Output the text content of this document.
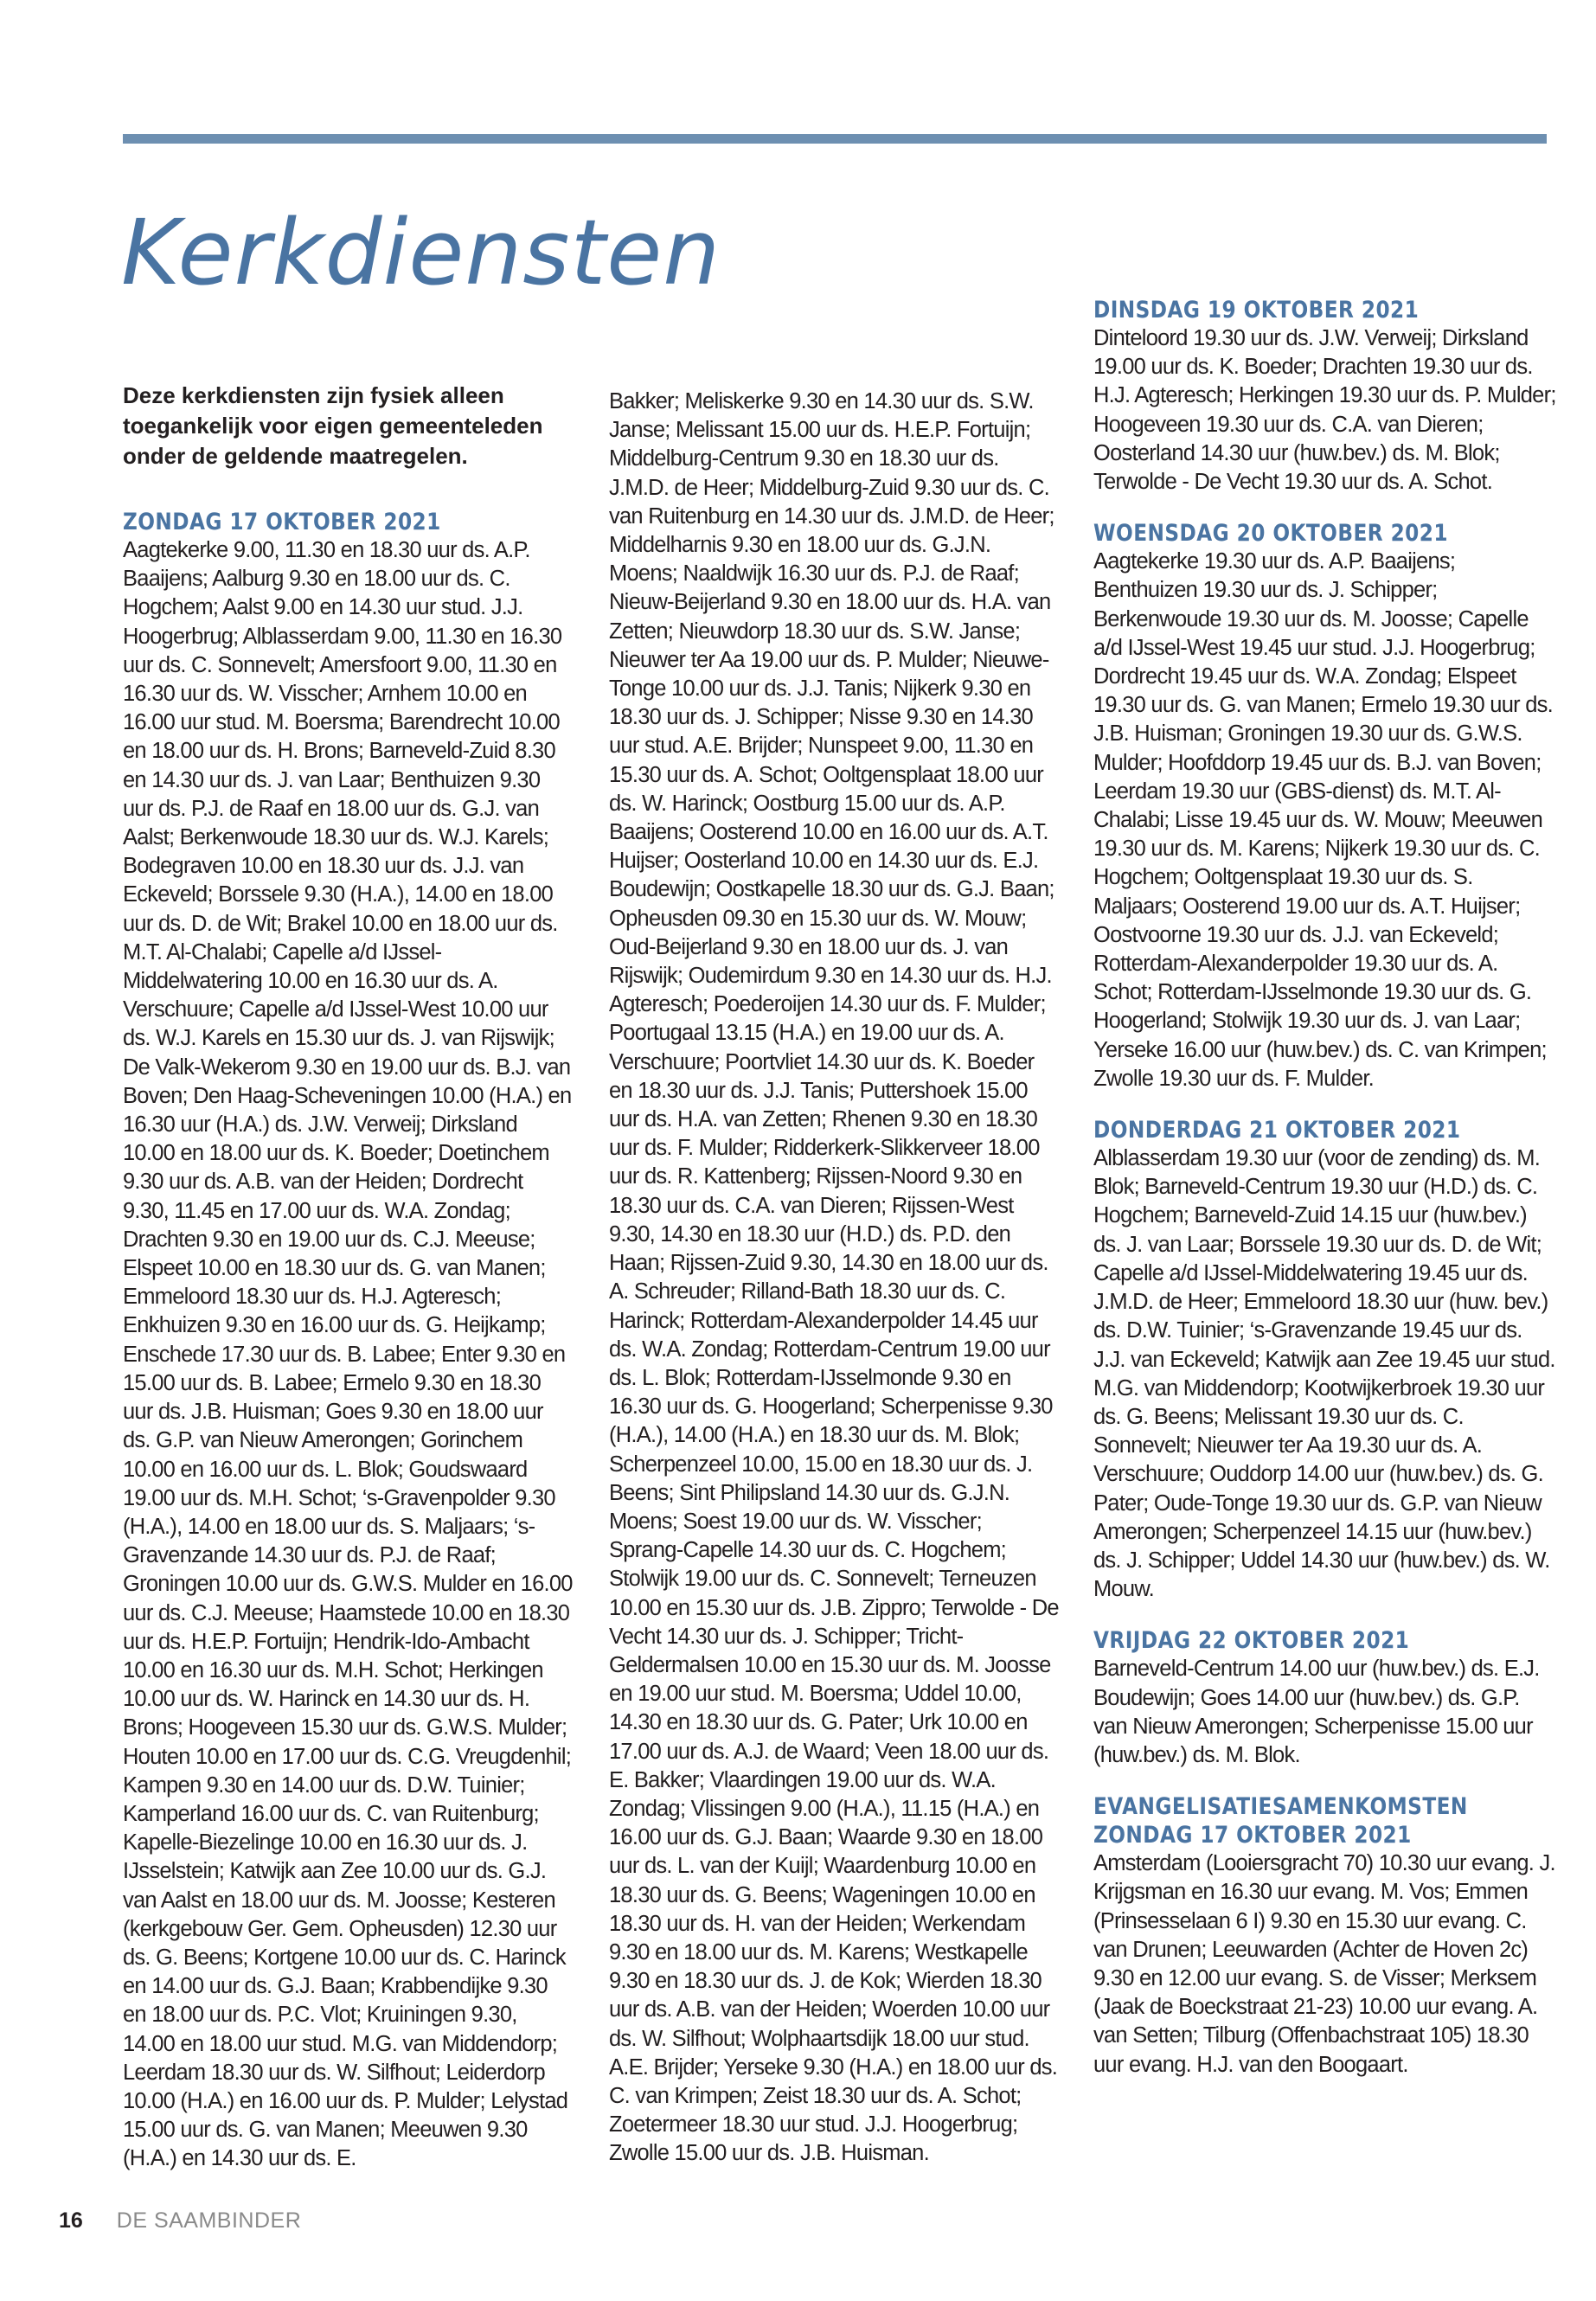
Kerkdiensten

Deze kerkdiensten zijn fysiek alleen toegankelijk voor eigen gemeenteleden onder de geldende maatregelen.

ZONDAG 17 OKTOBER 2021

Aagtekerke 9.00, 11.30 en 18.30 uur ds. A.P. Baaijens; Aalburg 9.30 en 18.00 uur ds. C. Hogchem; Aalst 9.00 en 14.30 uur stud. J.J. Hoogerbrug; Alblasserdam 9.00, 11.30 en 16.30 uur ds. C. Sonnevelt; Amersfoort 9.00, 11.30 en 16.30 uur ds. W. Visscher; Arnhem 10.00 en 16.00 uur stud. M. Boersma; Barendrecht 10.00 en 18.00 uur ds. H. Brons; Barneveld-Zuid 8.30 en 14.30 uur ds. J. van Laar; Benthuizen 9.30 uur ds. P.J. de Raaf en 18.00 uur ds. G.J. van Aalst; Berkenwoude 18.30 uur ds. W.J. Karels; Bodegraven 10.00 en 18.30 uur ds. J.J. van Eckeveld; Borssele 9.30 (H.A.), 14.00 en 18.00 uur ds. D. de Wit; Brakel 10.00 en 18.00 uur ds. M.T. Al-Chalabi; Capelle a/d IJssel-Middelwatering 10.00 en 16.30 uur ds. A. Verschuure; Capelle a/d IJssel-West 10.00 uur ds. W.J. Karels en 15.30 uur ds. J. van Rijswijk; De Valk-Wekerom 9.30 en 19.00 uur ds. B.J. van Boven; Den Haag-Scheveningen 10.00 (H.A.) en 16.30 uur (H.A.) ds. J.W. Verweij; Dirksland 10.00 en 18.00 uur ds. K. Boeder; Doetinchem 9.30 uur ds. A.B. van der Heiden; Dordrecht 9.30, 11.45 en 17.00 uur ds. W.A. Zondag; Drachten 9.30 en 19.00 uur ds. C.J. Meeuse; Elspeet 10.00 en 18.30 uur ds. G. van Manen; Emmeloord 18.30 uur ds. H.J. Agteresch; Enkhuizen 9.30 en 16.00 uur ds. G. Heijkamp; Enschede 17.30 uur ds. B. Labee; Enter 9.30 en 15.00 uur ds. B. Labee; Ermelo 9.30 en 18.30 uur ds. J.B. Huisman; Goes 9.30 en 18.00 uur ds. G.P. van Nieuw Amerongen; Gorinchem 10.00 en 16.00 uur ds. L. Blok; Goudswaard 19.00 uur ds. M.H. Schot; ‘s-Gravenpolder 9.30 (H.A.), 14.00 en 18.00 uur ds. S. Maljaars; ‘s-Gravenzande 14.30 uur ds. P.J. de Raaf; Groningen 10.00 uur ds. G.W.S. Mulder en 16.00 uur ds. C.J. Meeuse; Haamstede 10.00 en 18.30 uur ds. H.E.P. Fortuijn; Hendrik-Ido-Ambacht 10.00 en 16.30 uur ds. M.H. Schot; Herkingen 10.00 uur ds. W. Harinck en 14.30 uur ds. H. Brons; Hoogeveen 15.30 uur ds. G.W.S. Mulder; Houten 10.00 en 17.00 uur ds. C.G. Vreugdenhil; Kampen 9.30 en 14.00 uur ds. D.W. Tuinier; Kamperland 16.00 uur ds. C. van Ruitenburg; Kapelle-Biezelinge 10.00 en 16.30 uur ds. J. IJsselstein; Katwijk aan Zee 10.00 uur ds. G.J. van Aalst en 18.00 uur ds. M. Joosse; Kesteren (kerkgebouw Ger. Gem. Opheusden) 12.30 uur ds. G. Beens; Kortgene 10.00 uur ds. C. Harinck en 14.00 uur ds. G.J. Baan; Krabbendijke 9.30 en 18.00 uur ds. P.C. Vlot; Kruiningen 9.30, 14.00 en 18.00 uur stud. M.G. van Middendorp; Leerdam 18.30 uur ds. W. Silfhout; Leiderdorp 10.00 (H.A.) en 16.00 uur ds. P. Mulder; Lelystad 15.00 uur ds. G. van Manen; Meeuwen 9.30 (H.A.) en 14.30 uur ds. E.

Bakker; Meliskerke 9.30 en 14.30 uur ds. S.W. Janse; Melissant 15.00 uur ds. H.E.P. Fortuijn; Middelburg-Centrum 9.30 en 18.30 uur ds. J.M.D. de Heer; Middelburg-Zuid 9.30 uur ds. C. van Ruitenburg en 14.30 uur ds. J.M.D. de Heer; Middelharnis 9.30 en 18.00 uur ds. G.J.N. Moens; Naaldwijk 16.30 uur ds. P.J. de Raaf; Nieuw-Beijerland 9.30 en 18.00 uur ds. H.A. van Zetten; Nieuwdorp 18.30 uur ds. S.W. Janse; Nieuwer ter Aa 19.00 uur ds. P. Mulder; Nieuwe-Tonge 10.00 uur ds. J.J. Tanis; Nijkerk 9.30 en 18.30 uur ds. J. Schipper; Nisse 9.30 en 14.30 uur stud. A.E. Brijder; Nunspeet 9.00, 11.30 en 15.30 uur ds. A. Schot; Ooltgensplaat 18.00 uur ds. W. Harinck; Oostburg 15.00 uur ds. A.P. Baaijens; Oosterend 10.00 en 16.00 uur ds. A.T. Huijser; Oosterland 10.00 en 14.30 uur ds. E.J. Boudewijn; Oostkapelle 18.30 uur ds. G.J. Baan; Opheusden 09.30 en 15.30 uur ds. W. Mouw; Oud-Beijerland 9.30 en 18.00 uur ds. J. van Rijswijk; Oudemirdum 9.30 en 14.30 uur ds. H.J. Agteresch; Poederoijen 14.30 uur ds. F. Mulder; Poortugaal 13.15 (H.A.) en 19.00 uur ds. A. Verschuure; Poortvliet 14.30 uur ds. K. Boeder en 18.30 uur ds. J.J. Tanis; Puttershoek 15.00 uur ds. H.A. van Zetten; Rhenen 9.30 en 18.30 uur ds. F. Mulder; Ridderkerk-Slikkerveer 18.00 uur ds. R. Kattenberg; Rijssen-Noord 9.30 en 18.30 uur ds. C.A. van Dieren; Rijssen-West 9.30, 14.30 en 18.30 uur (H.D.) ds. P.D. den Haan; Rijssen-Zuid 9.30, 14.30 en 18.00 uur ds. A. Schreuder; Rilland-Bath 18.30 uur ds. C. Harinck; Rotterdam-Alexanderpolder 14.45 uur ds. W.A. Zondag; Rotterdam-Centrum 19.00 uur ds. L. Blok; Rotterdam-IJsselmonde 9.30 en 16.30 uur ds. G. Hoogerland; Scherpenisse 9.30 (H.A.), 14.00 (H.A.) en 18.30 uur ds. M. Blok; Scherpenzeel 10.00, 15.00 en 18.30 uur ds. J. Beens; Sint Philipsland 14.30 uur ds. G.J.N. Moens; Soest 19.00 uur ds. W. Visscher; Sprang-Capelle 14.30 uur ds. C. Hogchem; Stolwijk 19.00 uur ds. C. Sonnevelt; Terneuzen 10.00 en 15.30 uur ds. J.B. Zippro; Terwolde - De Vecht 14.30 uur ds. J. Schipper; Tricht-Geldermalsen 10.00 en 15.30 uur ds. M. Joosse en 19.00 uur stud. M. Boersma; Uddel 10.00, 14.30 en 18.30 uur ds. G. Pater; Urk 10.00 en 17.00 uur ds. A.J. de Waard; Veen 18.00 uur ds. E. Bakker; Vlaardingen 19.00 uur ds. W.A. Zondag; Vlissingen 9.00 (H.A.), 11.15 (H.A.) en 16.00 uur ds. G.J. Baan; Waarde 9.30 en 18.00 uur ds. L. van der Kuijl; Waardenburg 10.00 en 18.30 uur ds. G. Beens; Wageningen 10.00 en 18.30 uur ds. H. van der Heiden; Werkendam 9.30 en 18.00 uur ds. M. Karens; Westkapelle 9.30 en 18.30 uur ds. J. de Kok; Wierden 18.30 uur ds. A.B. van der Heiden; Woerden 10.00 uur ds. W. Silfhout; Wolphaartsdijk 18.00 uur stud. A.E. Brijder; Yerseke 9.30 (H.A.) en 18.00 uur ds. C. van Krimpen; Zeist 18.30 uur ds. A. Schot; Zoetermeer 18.30 uur stud. J.J. Hoogerbrug; Zwolle 15.00 uur ds. J.B. Huisman.

DINSDAG 19 OKTOBER 2021

Dinteloord 19.30 uur ds. J.W. Verweij; Dirksland 19.00 uur ds. K. Boeder; Drachten 19.30 uur ds. H.J. Agteresch; Herkingen 19.30 uur ds. P. Mulder; Hoogeveen 19.30 uur ds. C.A. van Dieren; Oosterland 14.30 uur (huw.bev.) ds. M. Blok; Terwolde - De Vecht 19.30 uur ds. A. Schot.

WOENSDAG 20 OKTOBER 2021

Aagtekerke 19.30 uur ds. A.P. Baaijens; Benthuizen 19.30 uur ds. J. Schipper; Berkenwoude 19.30 uur ds. M. Joosse; Capelle a/d IJssel-West 19.45 uur stud. J.J. Hoogerbrug; Dordrecht 19.45 uur ds. W.A. Zondag; Elspeet 19.30 uur ds. G. van Manen; Ermelo 19.30 uur ds. J.B. Huisman; Groningen 19.30 uur ds. G.W.S. Mulder; Hoofddorp 19.45 uur ds. B.J. van Boven; Leerdam 19.30 uur (GBS-dienst) ds. M.T. Al-Chalabi; Lisse 19.45 uur ds. W. Mouw; Meeuwen 19.30 uur ds. M. Karens; Nijkerk 19.30 uur ds. C. Hogchem; Ooltgensplaat 19.30 uur ds. S. Maljaars; Oosterend 19.00 uur ds. A.T. Huijser; Oostvoorne 19.30 uur ds. J.J. van Eckeveld; Rotterdam-Alexanderpolder 19.30 uur ds. A. Schot; Rotterdam-IJsselmonde 19.30 uur ds. G. Hoogerland; Stolwijk 19.30 uur ds. J. van Laar; Yerseke 16.00 uur (huw.bev.) ds. C. van Krimpen; Zwolle 19.30 uur ds. F. Mulder.

DONDERDAG 21 OKTOBER 2021

Alblasserdam 19.30 uur (voor de zending) ds. M. Blok; Barneveld-Centrum 19.30 uur (H.D.) ds. C. Hogchem; Barneveld-Zuid 14.15 uur (huw.bev.) ds. J. van Laar; Borssele 19.30 uur ds. D. de Wit; Capelle a/d IJssel-Middelwatering 19.45 uur ds. J.M.D. de Heer; Emmeloord 18.30 uur (huw. bev.) ds. D.W. Tuinier; ‘s-Gravenzande 19.45 uur ds. J.J. van Eckeveld; Katwijk aan Zee 19.45 uur stud. M.G. van Middendorp; Kootwijkerbroek 19.30 uur ds. G. Beens; Melissant 19.30 uur ds. C. Sonnevelt; Nieuwer ter Aa 19.30 uur ds. A. Verschuure; Ouddorp 14.00 uur (huw.bev.) ds. G. Pater; Oude-Tonge 19.30 uur ds. G.P. van Nieuw Amerongen; Scherpenzeel 14.15 uur (huw.bev.) ds. J. Schipper; Uddel 14.30 uur (huw.bev.) ds. W. Mouw.

VRIJDAG 22 OKTOBER 2021

Barneveld-Centrum 14.00 uur (huw.bev.) ds. E.J. Boudewijn; Goes 14.00 uur (huw.bev.) ds. G.P. van Nieuw Amerongen; Scherpenisse 15.00 uur (huw.bev.) ds. M. Blok.

EVANGELISATIESAMENKOMSTEN
ZONDAG 17 OKTOBER 2021

Amsterdam (Looiersgracht 70) 10.30 uur evang. J. Krijgsman en 16.30 uur evang. M. Vos; Emmen (Prinsesselaan 6 I) 9.30 en 15.30 uur evang. C. van Drunen; Leeuwarden (Achter de Hoven 2c) 9.30 en 12.00 uur evang. S. de Visser; Merksem (Jaak de Boeckstraat 21-23) 10.00 uur evang. A. van Setten; Tilburg (Offenbachstraat 105) 18.30 uur evang. H.J. van den Boogaart.

16 DE SAAMBINDER
